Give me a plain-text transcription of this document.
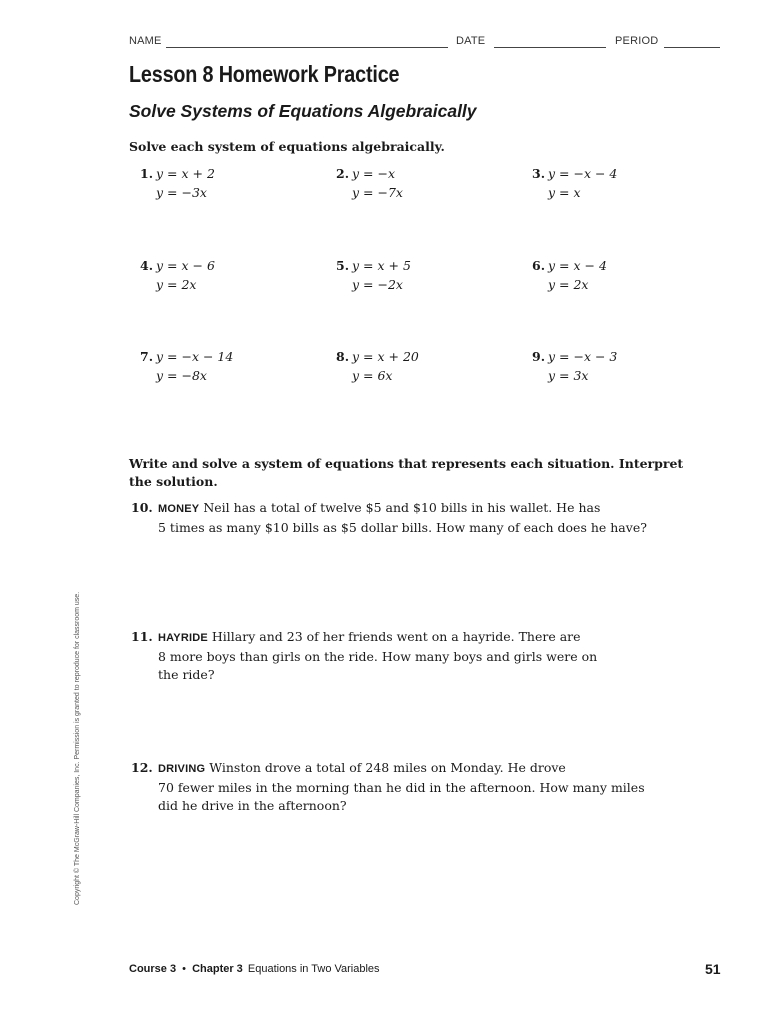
NAME	DATE	PERIOD
Lesson 8 Homework Practice
Solve Systems of Equations Algebraically
Solve each system of equations algebraically.
1. y = x + 2
y = −3x
2. y = −x
y = −7x
3. y = −x − 4
y = x
4. y = x − 6
y = 2x
5. y = x + 5
y = −2x
6. y = x − 4
y = 2x
7. y = −x − 14
y = −8x
8. y = x + 20
y = 6x
9. y = −x − 3
y = 3x
Write and solve a system of equations that represents each situation. Interpret the solution.
10. MONEY Neil has a total of twelve $5 and $10 bills in his wallet. He has
5 times as many $10 bills as $5 dollar bills. How many of each does he have?
11. HAYRIDE Hillary and 23 of her friends went on a hayride. There are
8 more boys than girls on the ride. How many boys and girls were on
the ride?
12. DRIVING Winston drove a total of 248 miles on Monday. He drove
70 fewer miles in the morning than he did in the afternoon. How many miles
did he drive in the afternoon?
Copyright © The McGraw-Hill Companies, Inc. Permission is granted to reproduce for classroom use.
Course 3 • Chapter 3 Equations in Two Variables	51
